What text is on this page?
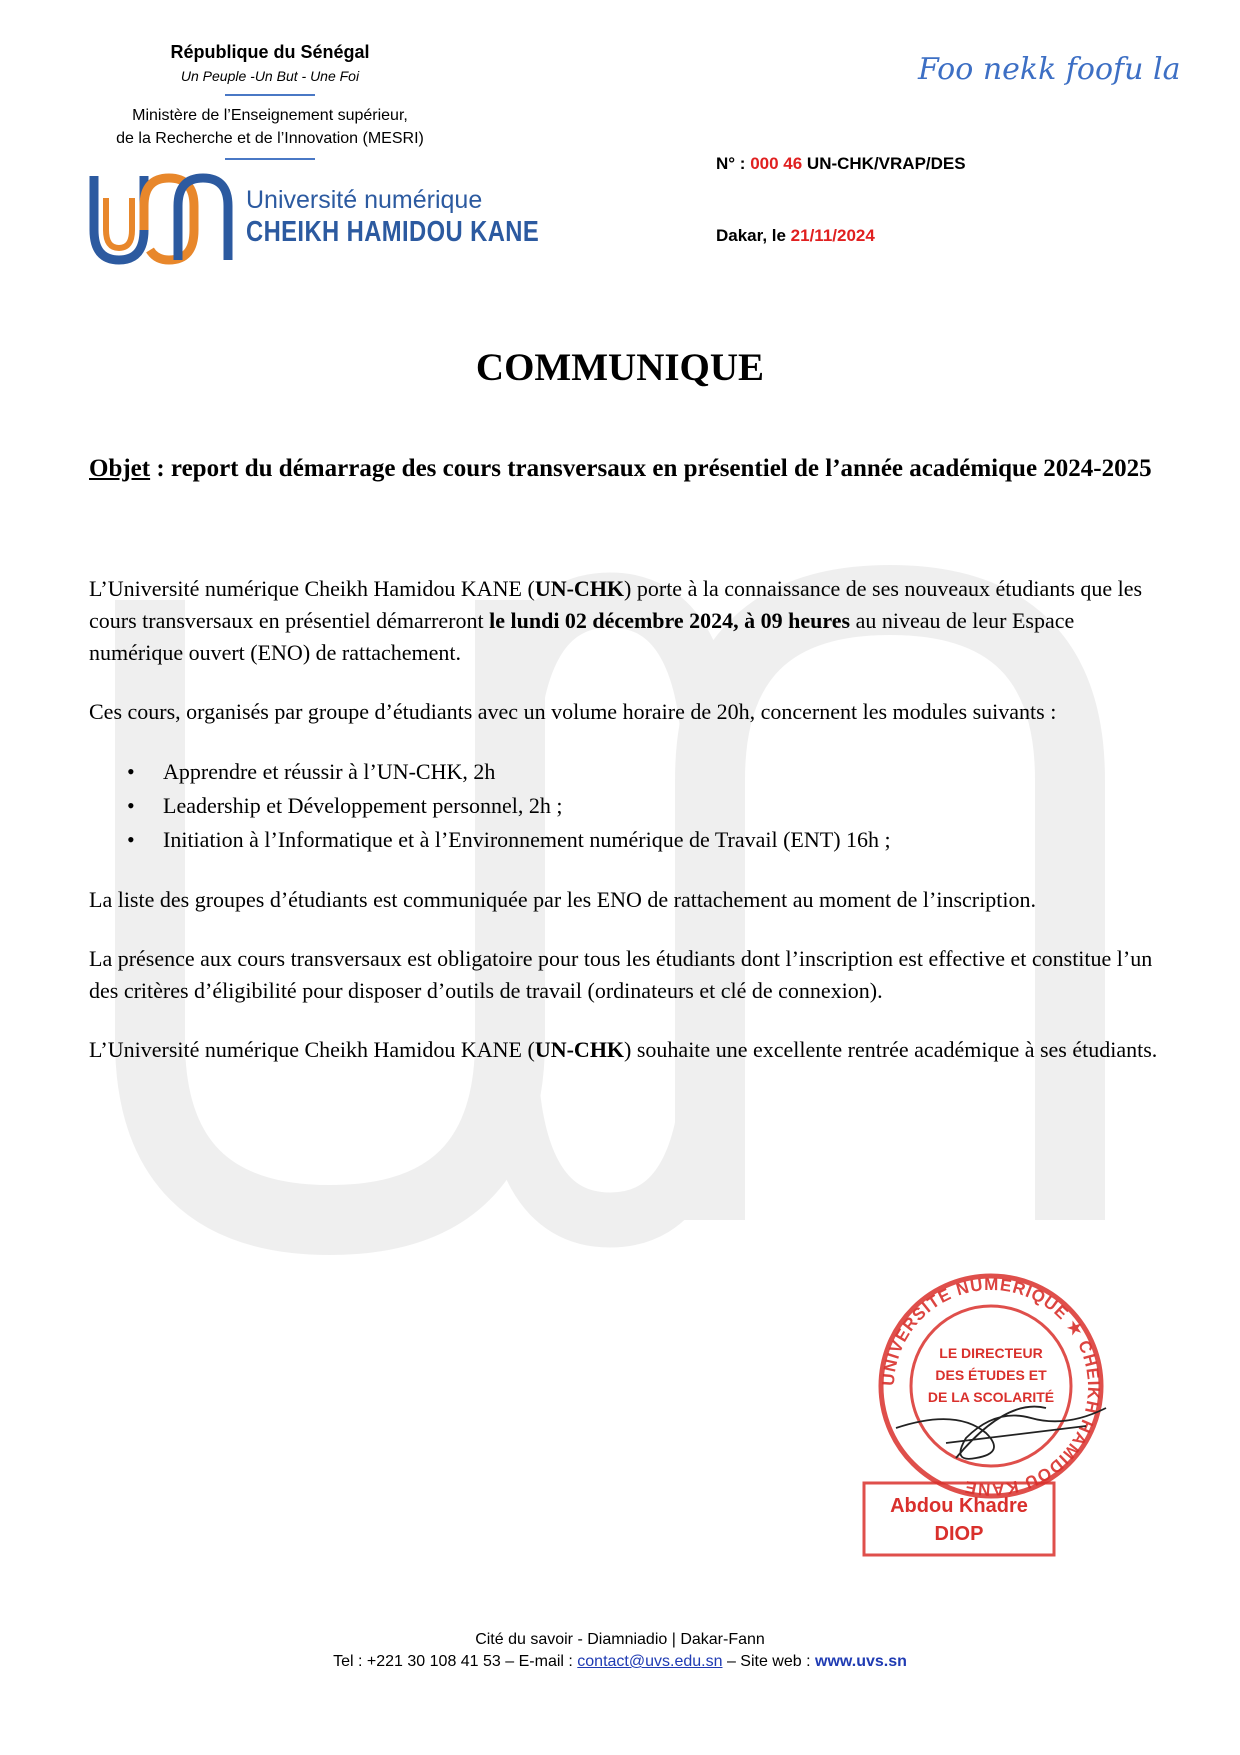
République du Sénégal
Un Peuple -Un But - Une Foi
Ministère de l’Enseignement supérieur,
de la Recherche et de l’Innovation (MESRI)
Université numérique
CHEIKH HAMIDOU KANE
Foo nekk foofu la
N° : 000 46 UN-CHK/VRAP/DES
Dakar, le 21/11/2024
COMMUNIQUE
Objet : report du démarrage des cours transversaux en présentiel de l’année académique 2024-2025

L’Université numérique Cheikh Hamidou KANE (UN-CHK) porte à la connaissance de ses nouveaux étudiants que les cours transversaux en présentiel démarreront le lundi 02 décembre 2024, à 09 heures au niveau de leur Espace numérique ouvert (ENO) de rattachement.

Ces cours, organisés par groupe d’étudiants avec un volume horaire de 20h, concernent les modules suivants :

• Apprendre et réussir à l’UN-CHK, 2h
• Leadership et Développement personnel, 2h ;
• Initiation à l’Informatique et à l’Environnement numérique de Travail (ENT) 16h ;

La liste des groupes d’étudiants est communiquée par les ENO de rattachement au moment de l’inscription.

La présence aux cours transversaux est obligatoire pour tous les étudiants dont l’inscription est effective et constitue l’un des critères d’éligibilité pour disposer d’outils de travail (ordinateurs et clé de connexion).

L’Université numérique Cheikh Hamidou KANE (UN-CHK) souhaite une excellente rentrée académique à ses étudiants.

UNIVERSITE NUMERIQUE ★ CHEIKH HAMIDOU KANE
LE DIRECTEUR
DES ÉTUDES ET
DE LA SCOLARITÉ
Abdou Khadre
DIOP
Cité du savoir - Diamniadio | Dakar-Fann
Tel : +221 30 108 41 53 – E-mail : contact@uvs.edu.sn – Site web : www.uvs.sn
